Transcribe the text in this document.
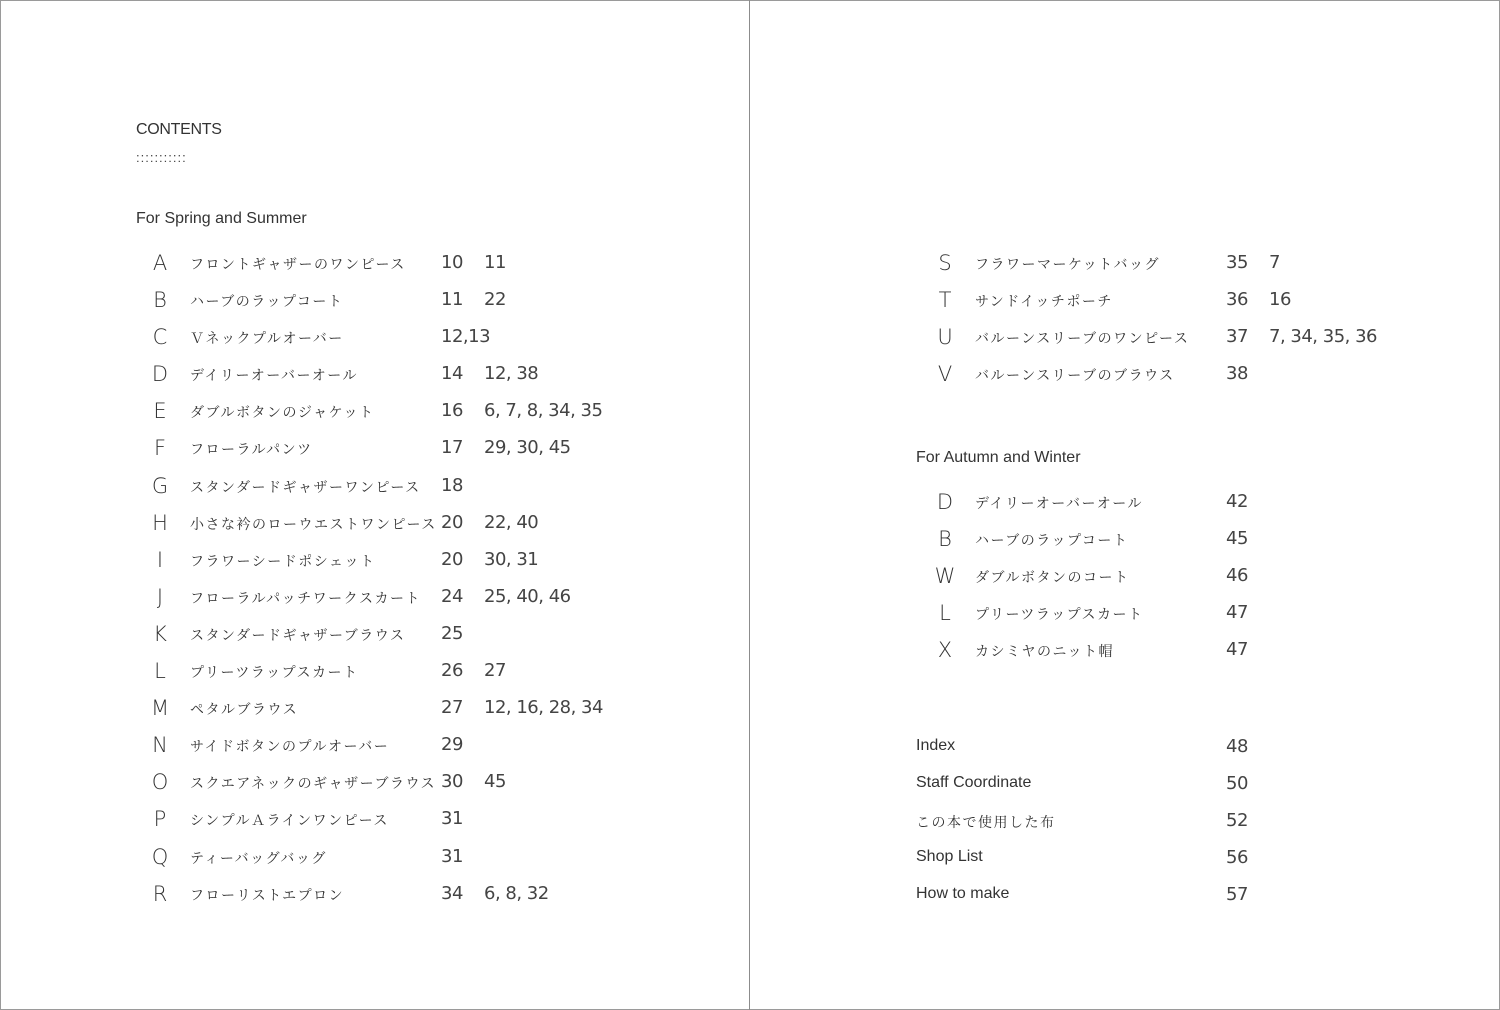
CONTENTS
:::::::::::
For Spring and Summer
A	フロントギャザーのワンピース 10 11
B	ハーブのラップコート	11 22
C	Ｖネックプルオーバー	12,13
D	デイリーオーバーオール	14 12, 38
E	ダブルボタンのジャケット	16 6, 7, 8, 34, 35
F	フローラルパンツ	17 29, 30, 45
G	スタンダードギャザーワンピース 18
H	小さな衿のローウエストワンピース 20 22, 40
I	フラワーシードポシェット	20 30, 31
J	フローラルパッチワークスカート 24 25, 40, 46
K	スタンダードギャザーブラウス 25
L	プリーツラップスカート	26 27
M	ペタルブラウス	27 12, 16, 28, 34
N	サイドボタンのプルオーバー	29
O	スクエアネックのギャザーブラウス 30 45
P	シンプルＡラインワンピース	31
Q	ティーバッグバッグ	31
R	フローリストエプロン	34 6, 8, 32
S	フラワーマーケットバッグ	35 7
T	サンドイッチポーチ	36 16
U	バルーンスリーブのワンピース 37 7, 34, 35, 36
V	バルーンスリーブのブラウス	38
For Autumn and Winter
D	デイリーオーバーオール	42
B	ハーブのラップコート	45
W	ダブルボタンのコート	46
L	プリーツラップスカート	47
X	カシミヤのニット帽	47
Index	48
Staff Coordinate	50
この本で使用した布	52
Shop List	56
How to make	57
